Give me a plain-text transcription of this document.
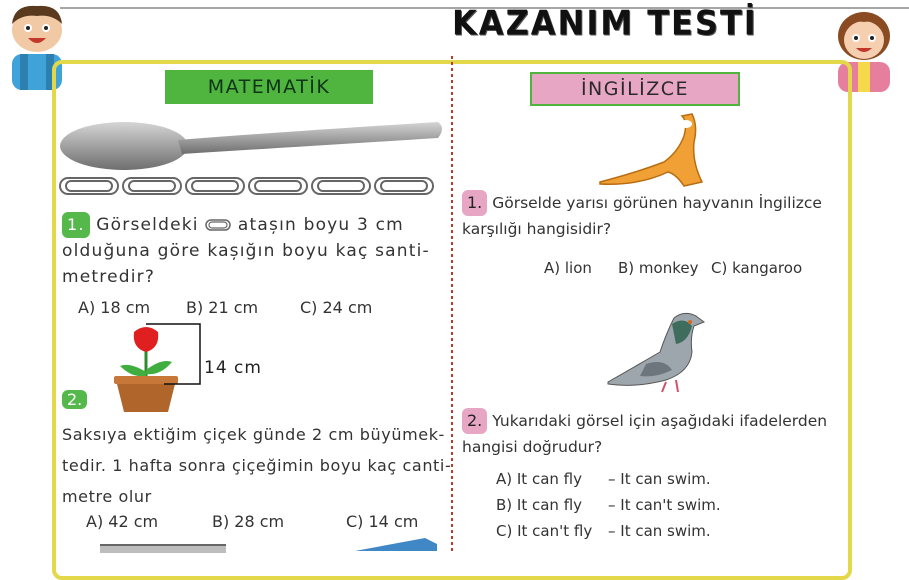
KAZANIM TESTİ
MATEMATİK	İNGİLİZCE
1. Görseldeki atașın boyu 3 cm
olduğuna göre kașığın boyu kaç santi-
metredir?
A) 18 cm B) 21 cm	C) 24 cm
14 cm
2.
Saksıya ektiğim çiçek günde 2 cm büyümek-
tedir. 1 hafta sonra çiçeğimin boyu kaç canti-
metre olur
A) 42 cm	B) 28 cm	C) 14 cm
1. Görselde yarısı görünen hayvanın İngilizce
karşılığı hangisidir?
A) lion B) monkey C) kangaroo
2. Yukarıdaki görsel için aşağıdaki ifadelerden
hangisi doğrudur?
A) It can fly – It can swim.
B) It can fly – It can't swim.
C) It can't fly – It can swim.
